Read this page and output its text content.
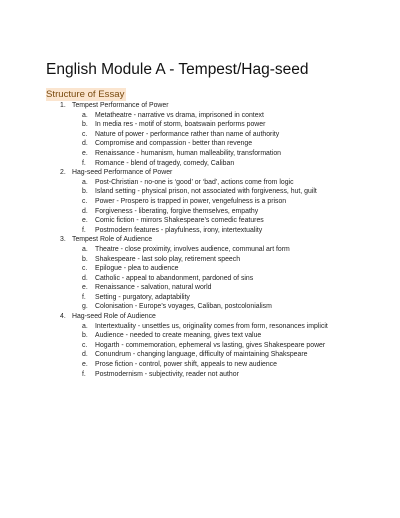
English Module A - Tempest/Hag-seed
Structure of Essay
1. Tempest Performance of Power
a. Metatheatre - narrative vs drama, imprisoned in context
b. In media res - motif of storm, boatswain performs power
c. Nature of power - performance rather than name of authority
d. Compromise and compassion - better than revenge
e. Renaissance - humanism, human malleability, transformation
f. Romance - blend of tragedy, comedy, Caliban
2. Hag-seed Performance of Power
a. Post-Christian - no-one is ‘good’ or ‘bad’, actions come from logic
b. Island setting - physical prison, not associated with forgiveness, hut, guilt
c. Power - Prospero is trapped in power, vengefulness is a prison
d. Forgiveness - liberating, forgive themselves, empathy
e. Comic fiction - mirrors Shakespeare’s comedic features
f. Postmodern features - playfulness, irony, intertextuality
3. Tempest Role of Audience
a. Theatre - close proximity, involves audience, communal art form
b. Shakespeare - last solo play, retirement speech
c. Epilogue - plea to audience
d. Catholic - appeal to abandonment, pardoned of sins
e. Renaissance - salvation, natural world
f. Setting - purgatory, adaptability
g. Colonisation - Europe’s voyages, Caliban, postcolonialism
4. Hag-seed Role of Audience
a. Intertextuality - unsettles us, originality comes from form, resonances implicit
b. Audience - needed to create meaning, gives text value
c. Hogarth - commemoration, ephemeral vs lasting, gives Shakespeare power
d. Conundrum - changing language, difficulty of maintaining Shakspeare
e. Prose fiction - control, power shift, appeals to new audience
f. Postmodernism - subjectivity, reader not author
